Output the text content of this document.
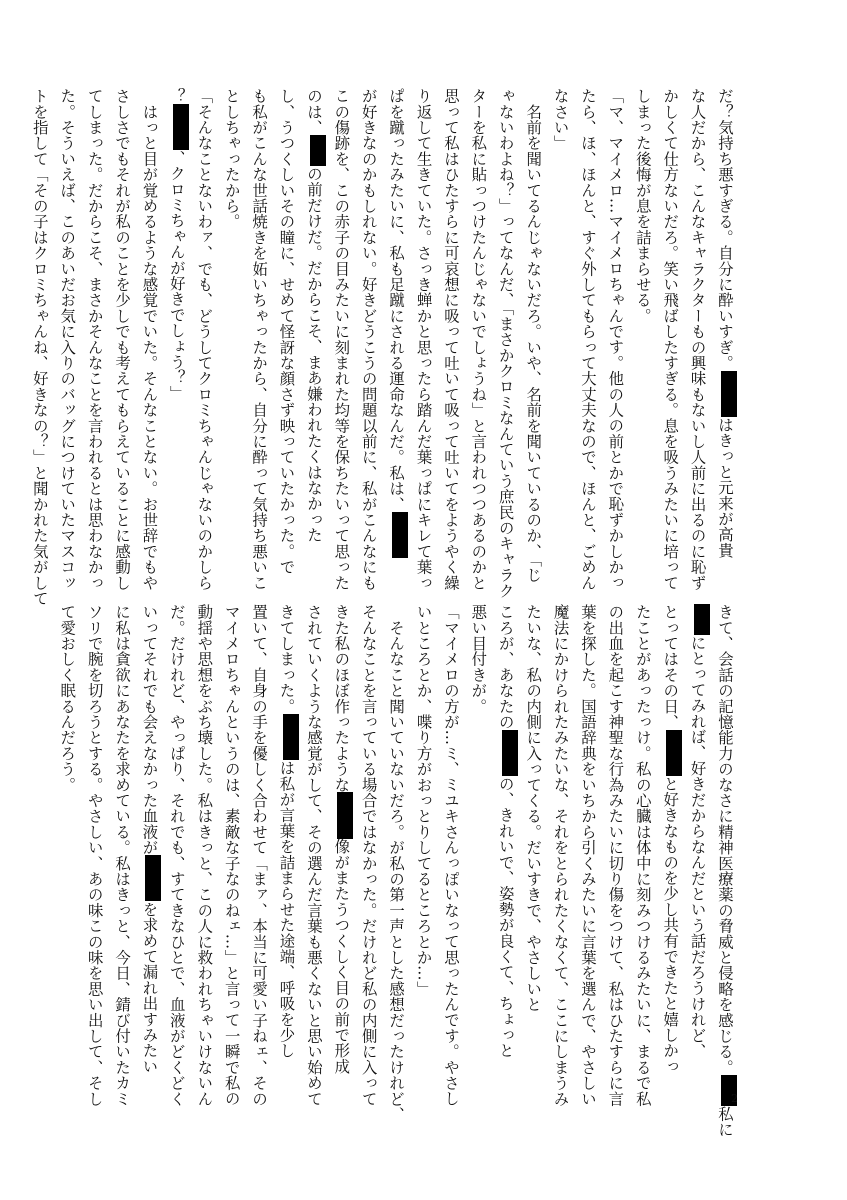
だ？気持ち悪すぎる。自分に酔いすぎ。はきっと元来が高貴
な人だから、こんなキャラクターもの興味もないし人前に出るのに恥ず
かしくて仕方ないだろ。笑い飛ばしたすぎる。息を吸うみたいに培って
しまった後悔が息を詰まらせる。
「マ、マイメロ…マイメロちゃんです。他の人の前とかで恥ずかしかっ
たら、ほ、ほんと、すぐ外してもらって大丈夫なので、ほんと、ごめん
なさい」
　名前を聞いてるんじゃないだろ。いや、名前を聞いているのか、「じ
ゃないわよね？」ってなんだ、「まさかクロミなんていう庶民のキャラク
ターを私に貼っつけたんじゃないでしょうね」と言われつつあるのかと
思って私はひたすらに可哀想に吸って吐いて吸って吐いてをようやく繰
り返して生きていた。さっき蝉かと思ったら踏んだ葉っぱにキレて葉っ
ぱを蹴ったみたいに、私も足蹴にされる運命なんだ。私は、
が好きなのかもしれない。好きどうこうの問題以前に、私がこんなにも
この傷跡を、この赤子の目みたいに刻まれた均等を保ちたいって思った
のは、の前だけだ。だからこそ、まあ嫌われたくはなかった
し、うつくしいその瞳に、せめて怪訝な顔さず映っていたかった。で
も私がこんな世話焼きを妬いちゃったから、自分に酔って気持ち悪いこ
としちゃったから。
「そんなことないわァ、でも、どうしてクロミちゃんじゃないのかしら
？、クロミちゃんが好きでしょう？」
　はっと目が覚めるような感覚でいた。そんなことない。お世辞でもや
さしさでもそれが私のことを少しでも考えてもらえていることに感動し
てしまった。だからこそ、まさかそんなことを言われるとは思わなかっ
た。そういえば、このあいだお気に入りのバッグにつけていたマスコッ
トを指して「その子はクロミちゃんね、好きなの？」と聞かれた気がして
きて、会話の記憶能力のなさに精神医療薬の脅威と侵略を感じる。私に
にとってみれば、好きだからなんだという話だろうけれど、
とってはその日、と好きなものを少し共有できたと嬉しかっ
たことがあったっけ。私の心臓は体中に刻みつけるみたいに、まるで私
の出血を起こす神聖な行為みたいに切り傷をつけて、私はひたすらに言
葉を探した。国語辞典をいちから引くみたいに言葉を選んで、やさしい
魔法にかけられたみたいな、それをとられたくなくて、ここにしまうみ
たいな、私の内側に入ってくる。だいすきで、やさしいと
ころが、あなたのの、きれいで、姿勢が良くて、ちょっと
悪い目付きが。
「マイメロの方が…ミ、ミユキさんっぽいなって思ったんです。やさし
いところとか、喋り方がおっとりしてるところとか…」
　そんなこと聞いていないだろ。が私の第一声とした感想だったけれど、
そんなことを言っている場合ではなかった。だけれど私の内側に入って
きた私のほぼ作ったような像がまたうつくしく目の前で形成
されていくような感覚がして、その選んだ言葉も悪くないと思い始めて
きてしまった。は私が言葉を詰まらせた途端、呼吸を少し
置いて、自身の手を優しく合わせて「まァ、本当に可愛い子ねェ、その
マイメロちゃんというのは、素敵な子なのねェ…」と言って一瞬で私の
動揺や思想をぶち壊した。私はきっと、この人に救われちゃいけないん
だ。だけれど、やっぱり、それでも、すてきなひとで、血液がどくどく
いってそれでも会えなかった血液がを求めて漏れ出すみたい
に私は貪欲にあなたを求めている。私はきっと、今日、錆び付いたカミ
ソリで腕を切ろうとする。やさしい、あの味この味を思い出して、そし
て愛おしく眠るんだろう。
2
